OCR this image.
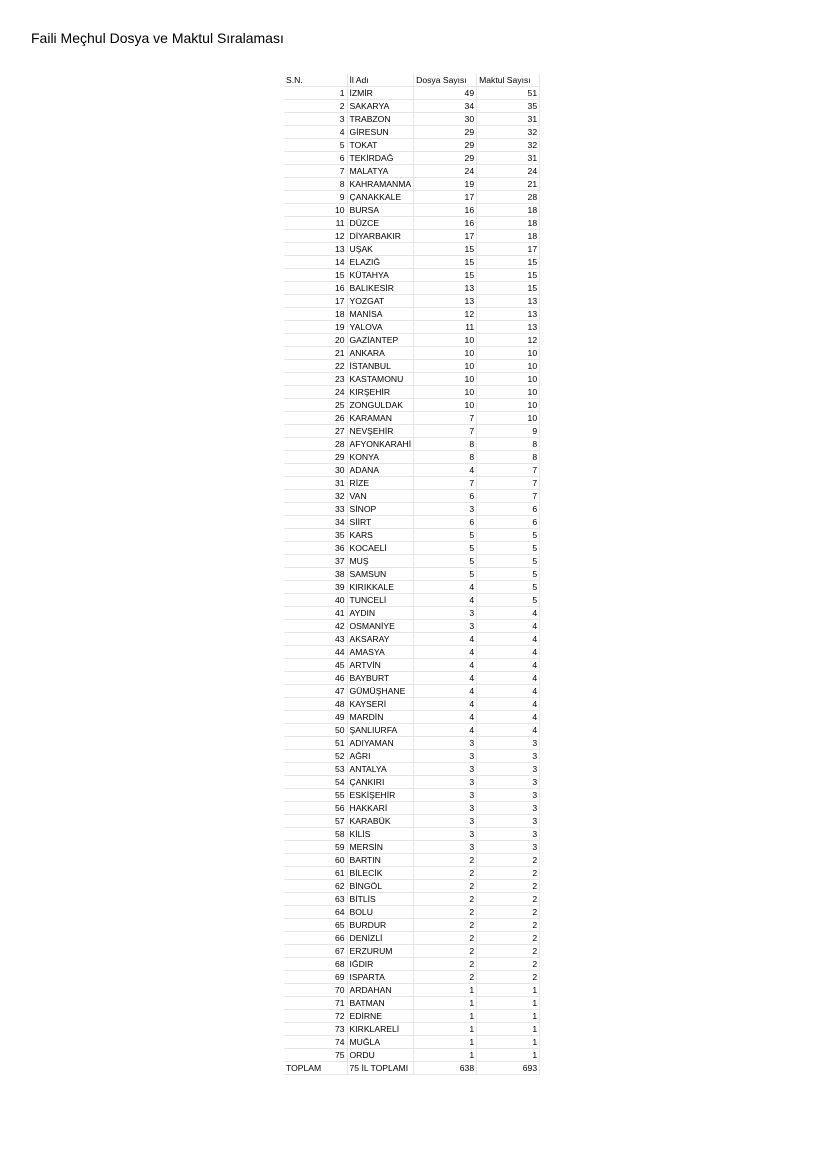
Faili Meçhul Dosya ve Maktul Sıralaması
S.N.	İl Adı	Dosya Sayısı	Maktul Sayısı
1	İZMİR	49	51
2	SAKARYA	34	35
3	TRABZON	30	31
4	GİRESUN	29	32
5	TOKAT	29	32
6	TEKİRDAĞ	29	31
7	MALATYA	24	24
8	KAHRAMANMA	19	21
9	ÇANAKKALE	17	28
10	BURSA	16	18
11	DÜZCE	16	18
12	DİYARBAKIR	17	18
13	UŞAK	15	17
14	ELAZIĞ	15	15
15	KÜTAHYA	15	15
16	BALIKESİR	13	15
17	YOZGAT	13	13
18	MANİSA	12	13
19	YALOVA	11	13
20	GAZİANTEP	10	12
21	ANKARA	10	10
22	İSTANBUL	10	10
23	KASTAMONU	10	10
24	KIRŞEHİR	10	10
25	ZONGULDAK	10	10
26	KARAMAN	7	10
27	NEVŞEHİR	7	9
28	AFYONKARAHİ	8	8
29	KONYA	8	8
30	ADANA	4	7
31	RİZE	7	7
32	VAN	6	7
33	SİNOP	3	6
34	SİİRT	6	6
35	KARS	5	5
36	KOCAELİ	5	5
37	MUŞ	5	5
38	SAMSUN	5	5
39	KIRIKKALE	4	5
40	TUNCELİ	4	5
41	AYDIN	3	4
42	OSMANİYE	3	4
43	AKSARAY	4	4
44	AMASYA	4	4
45	ARTVİN	4	4
46	BAYBURT	4	4
47	GÜMÜŞHANE	4	4
48	KAYSERİ	4	4
49	MARDİN	4	4
50	ŞANLIURFA	4	4
51	ADIYAMAN	3	3
52	AĞRI	3	3
53	ANTALYA	3	3
54	ÇANKIRI	3	3
55	ESKİŞEHİR	3	3
56	HAKKARİ	3	3
57	KARABÜK	3	3
58	KİLİS	3	3
59	MERSİN	3	3
60	BARTIN	2	2
61	BİLECİK	2	2
62	BİNGÖL	2	2
63	BİTLİS	2	2
64	BOLU	2	2
65	BURDUR	2	2
66	DENİZLİ	2	2
67	ERZURUM	2	2
68	IĞDIR	2	2
69	ISPARTA	2	2
70	ARDAHAN	1	1
71	BATMAN	1	1
72	EDİRNE	1	1
73	KIRKLARELİ	1	1
74	MUĞLA	1	1
75	ORDU	1	1
TOPLAM	75 İL TOPLAMI	638	693
